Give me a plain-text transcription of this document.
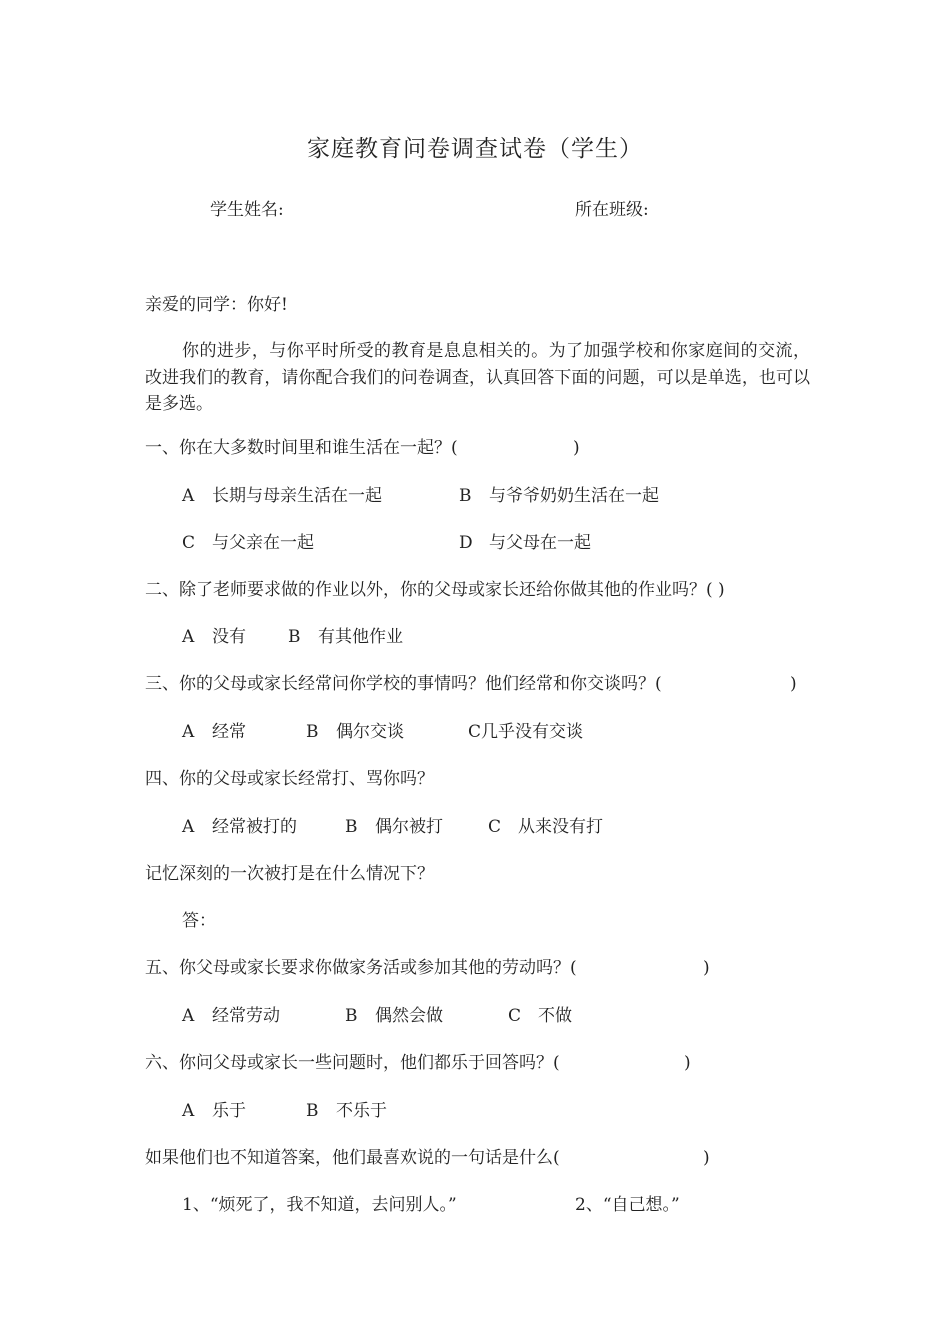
家庭教育问卷调查试卷（学生）
学生姓名:	所在班级:
亲爱的同学：你好!
你的进步，与你平时所受的教育是息息相关的。为了加强学校和你家庭间的交流，改进我们的教育，请你配合我们的问卷调查，认真回答下面的问题，可以是单选，也可以是多选。
一、你在大多数时间里和谁生活在一起？(	)
A 长期与母亲生活在一起	B 与爷爷奶奶生活在一起
C 与父亲在一起	D 与父母在一起
二、除了老师要求做的作业以外，你的父母或家长还给你做其他的作业吗？( )
A 没有 B 有其他作业
三、你的父母或家长经常问你学校的事情吗？他们经常和你交谈吗？(	)
A 经常	B 偶尔交谈	C几乎没有交谈
四、你的父母或家长经常打、骂你吗？
A 经常被打的	B 偶尔被打	C 从来没有打
记忆深刻的一次被打是在什么情况下？
答：
五、你父母或家长要求你做家务活或参加其他的劳动吗？(	)
A 经常劳动	B 偶然会做	C 不做
六、你问父母或家长一些问题时，他们都乐于回答吗？(	)
A 乐于	B 不乐于
如果他们也不知道答案，他们最喜欢说的一句话是什么(	)
1、“烦死了，我不知道，去问别人。”	2、“自己想。”
